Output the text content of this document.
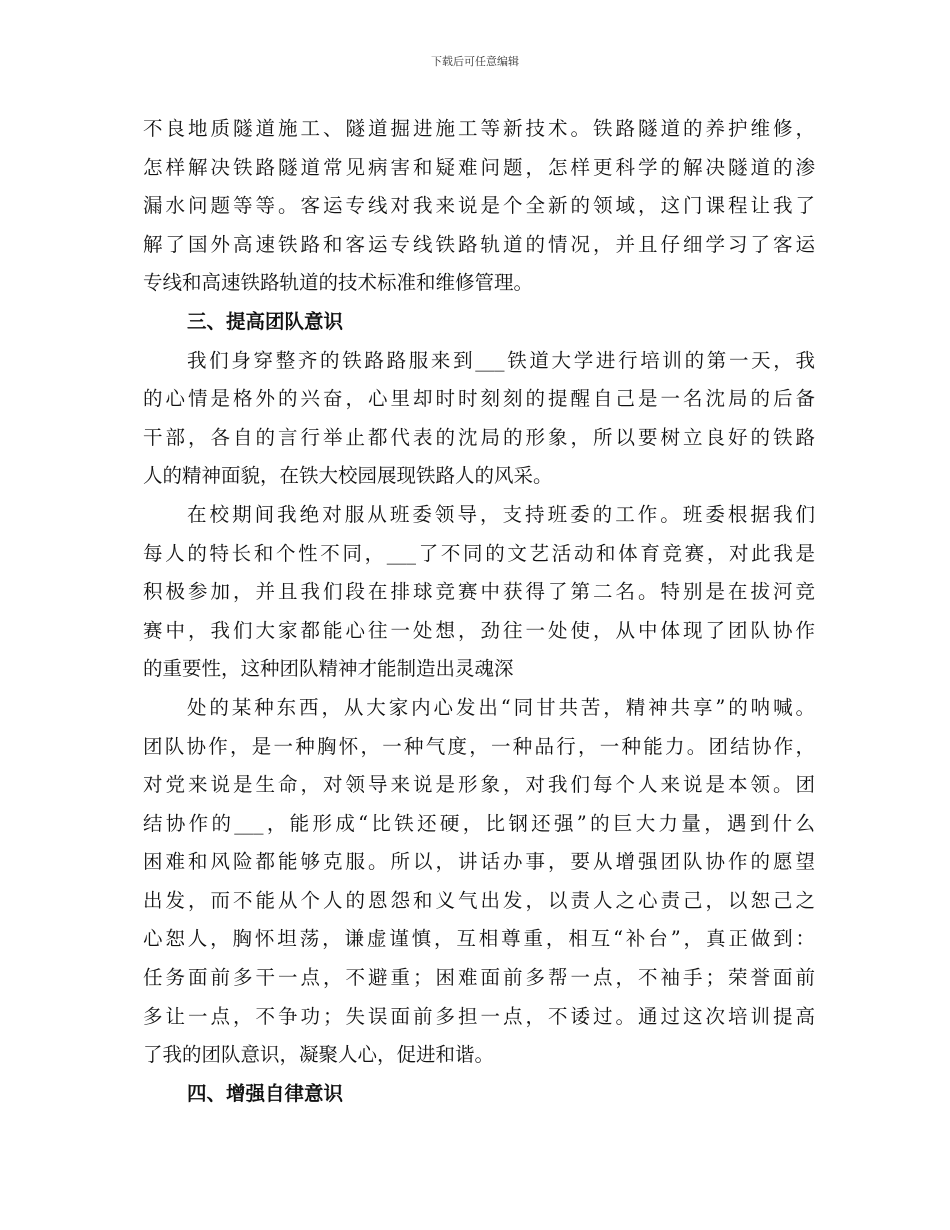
下载后可任意编辑
不良地质隧道施工、隧道掘进施工等新技术。铁路隧道的养护维修，
怎样解决铁路隧道常见病害和疑难问题，怎样更科学的解决隧道的渗
漏水问题等等。客运专线对我来说是个全新的领域，这门课程让我了
解了国外高速铁路和客运专线铁路轨道的情况，并且仔细学习了客运
专线和高速铁路轨道的技术标准和维修管理。
三、提高团队意识
我们身穿整齐的铁路路服来到___铁道大学进行培训的第一天，我
的心情是格外的兴奋，心里却时时刻刻的提醒自己是一名沈局的后备
干部，各自的言行举止都代表的沈局的形象，所以要树立良好的铁路
人的精神面貌，在铁大校园展现铁路人的风采。
在校期间我绝对服从班委领导，支持班委的工作。班委根据我们
每人的特长和个性不同，___了不同的文艺活动和体育竞赛，对此我是
积极参加，并且我们段在排球竞赛中获得了第二名。特别是在拔河竞
赛中，我们大家都能心往一处想，劲往一处使，从中体现了团队协作
的重要性，这种团队精神才能制造出灵魂深
处的某种东西，从大家内心发出“同甘共苦，精神共享”的呐喊。
团队协作，是一种胸怀，一种气度，一种品行，一种能力。团结协作，
对党来说是生命，对领导来说是形象，对我们每个人来说是本领。团
结协作的___，能形成“比铁还硬，比钢还强”的巨大力量，遇到什么
困难和风险都能够克服。所以，讲话办事，要从增强团队协作的愿望
出发，而不能从个人的恩怨和义气出发，以责人之心责己，以恕己之
心恕人，胸怀坦荡，谦虚谨慎，互相尊重，相互“补台”，真正做到：
任务面前多干一点，不避重；困难面前多帮一点，不袖手；荣誉面前
多让一点，不争功；失误面前多担一点，不诿过。通过这次培训提高
了我的团队意识，凝聚人心，促进和谐。
四、增强自律意识
